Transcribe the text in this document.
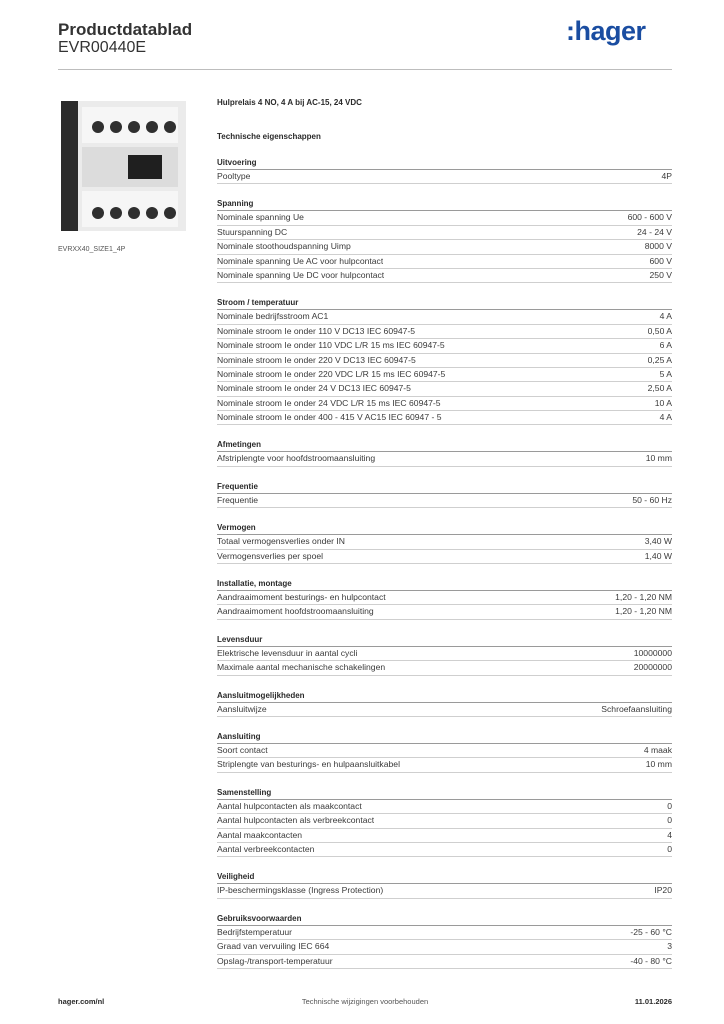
Productdatablad
EVR00440E
:hager
EVRXX40_SIZE1_4P
Hulprelais 4 NO, 4 A bij AC-15, 24 VDC
Technische eigenschappen
Uitvoering
Pooltype	4P
Spanning
Nominale spanning Ue	600 - 600 V
Stuurspanning DC	24 - 24 V
Nominale stoothoudspanning Uimp	8000 V
Nominale spanning Ue AC voor hulpcontact	600 V
Nominale spanning Ue DC voor hulpcontact	250 V
Stroom / temperatuur
Nominale bedrijfsstroom AC1	4 A
Nominale stroom Ie onder 110 V DC13 IEC 60947-5	0,50 A
Nominale stroom Ie onder 110 VDC L/R 15 ms IEC 60947-5	6 A
Nominale stroom Ie onder 220 V DC13 IEC 60947-5	0,25 A
Nominale stroom Ie onder 220 VDC L/R 15 ms IEC 60947-5	5 A
Nominale stroom Ie onder 24 V DC13 IEC 60947-5	2,50 A
Nominale stroom Ie onder 24 VDC L/R 15 ms IEC 60947-5	10 A
Nominale stroom Ie onder 400 - 415 V AC15 IEC 60947 - 5	4 A
Afmetingen
Afstriplengte voor hoofdstroomaansluiting	10 mm
Frequentie
Frequentie	50 - 60 Hz
Vermogen
Totaal vermogensverlies onder IN	3,40 W
Vermogensverlies per spoel	1,40 W
Installatie, montage
Aandraaimoment besturings- en hulpcontact	1,20 - 1,20 NM
Aandraaimoment hoofdstroomaansluiting	1,20 - 1,20 NM
Levensduur
Elektrische levensduur in aantal cycli	10000000
Maximale aantal mechanische schakelingen	20000000
Aansluitmogelijkheden
Aansluitwijze	Schroefaansluiting
Aansluiting
Soort contact	4 maak
Striplengte van besturings- en hulpaansluitkabel	10 mm
Samenstelling
Aantal hulpcontacten als maakcontact	0
Aantal hulpcontacten als verbreekcontact	0
Aantal maakcontacten	4
Aantal verbreekcontacten	0
Veiligheid
IP-beschermingsklasse (Ingress Protection)	IP20
Gebruiksvoorwaarden
Bedrijfstemperatuur	-25 - 60 °C
Graad van vervuiling IEC 664	3
Opslag-/transport-temperatuur	-40 - 80 °C
hager.com/nl	Technische wijzigingen voorbehouden	11.01.2026
